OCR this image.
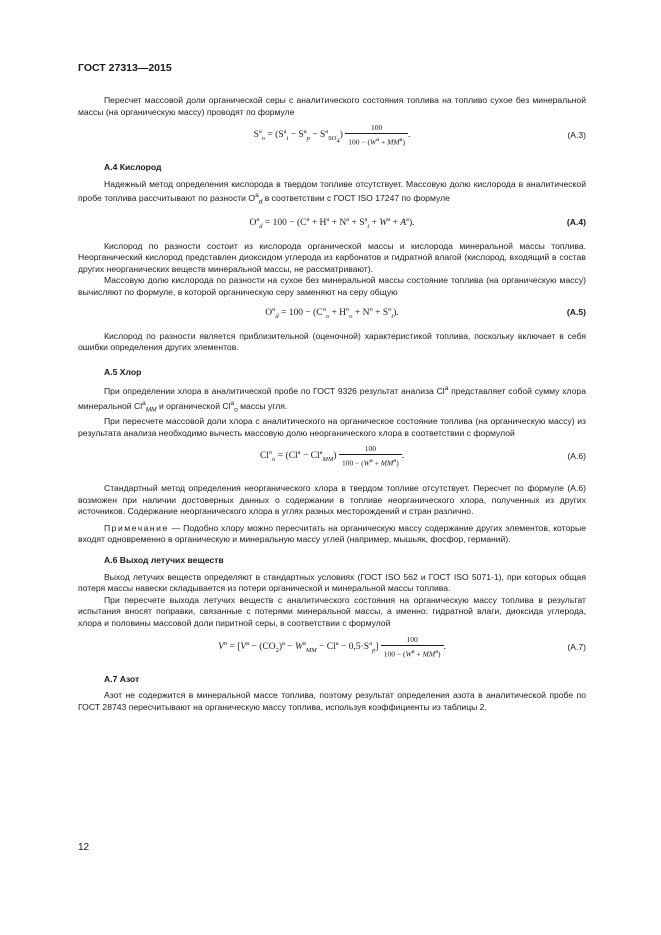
ГОСТ 27313—2015

Пересчет массовой доли органической серы с аналитического состояния топлива на топливо сухое без минеральной массы (на органическую массу) проводят по формуле

$S^a_o = (S^a_t - S^a_p - S^a_{SO_4}) \frac{100}{100 - (W^a + MM^a)}$ .	(А.3)

А.4 Кислород

Надежный метод определения кислорода в твердом топливе отсутствует. Массовую долю кислорода в аналитической пробе топлива рассчитывают по разности $O^a_d$ в соответствии с ГОСТ ISO 17247 по формуле

$O^a_d = 100 - (C^a + H^a + N^a + S^a_t + W^a + A^a)$.	(А.4)

Кислород по разности состоит из кислорода органической массы и кислорода минеральной массы топлива. Неорганический кислород представлен диоксидом углерода из карбонатов и гидратной влагой (кислород, входящий в состав других неорганических веществ минеральной массы, не рассматривают).

Массовую долю кислорода по разности на сухое без минеральной массы состояние топлива (на органическую массу) вычисляют по формуле, в которой органическую серу заменяют на серу общую

$O^o_d = 100 - (C^o_o + H^o_o + N^o + S^o_t)$.	(А.5)

Кислород по разности является приблизительной (оценочной) характеристикой топлива, поскольку включает в себя ошибки определения других элементов.

А.5 Хлор

При определении хлора в аналитической пробе по ГОСТ 9326 результат анализа Cl$^a$ представляет собой сумму хлора минеральной $Cl^a_{MM}$ и органической $Cl^a_o$ массы угля.

При пересчете массовой доли хлора с аналитического на органическое состояние топлива (на органическую массу) из результата анализа необходимо вычесть массовую долю неорганического хлора в соответствии с формулой

$Cl^o_o = (Cl^a - Cl^a_{MM}) \frac{100}{100 - (W^a + MM^a)}$ .	(А.6)

Стандартный метод определения неорганического хлора в твердом топливе отсутствует. Пересчет по формуле (А.6) возможен при наличии достоверных данных о содержании в топливе неорганического хлора, полученных из других источников. Содержание неорганического хлора в углях разных месторождений и стран различно.

Примечание — Подобно хлору можно пересчитать на органическую массу содержание других элементов, которые входят одновременно в органическую и минеральную массу углей (например, мышьяк, фосфор, германий).

А.6 Выход летучих веществ

Выход летучих веществ определяют в стандартных условиях (ГОСТ ISO 562 и ГОСТ ISO 5071-1), при которых общая потеря массы навески складывается из потери органической и минеральной массы топлива.

При пересчете выхода летучих веществ с аналитического состояния на органическую массу топлива в результат испытания вносят поправки, связанные с потерями минеральной массы, а именно: гидратной влаги, диоксида углерода, хлора и половины массовой доли пиритной серы, в соответствии с формулой

$V^o = [V^a - (CO_2)^a - W^a_{MM} - Cl^a - 0,5\cdot S^a_p] \frac{100}{100 - (W^a + MM^a)}$ .	(А.7)

А.7 Азот

Азот не содержится в минеральной массе топлива, поэтому результат определения азота в аналитической пробе по ГОСТ 28743 пересчитывают на органическую массу топлива, используя коэффициенты из таблицы 2.

12
